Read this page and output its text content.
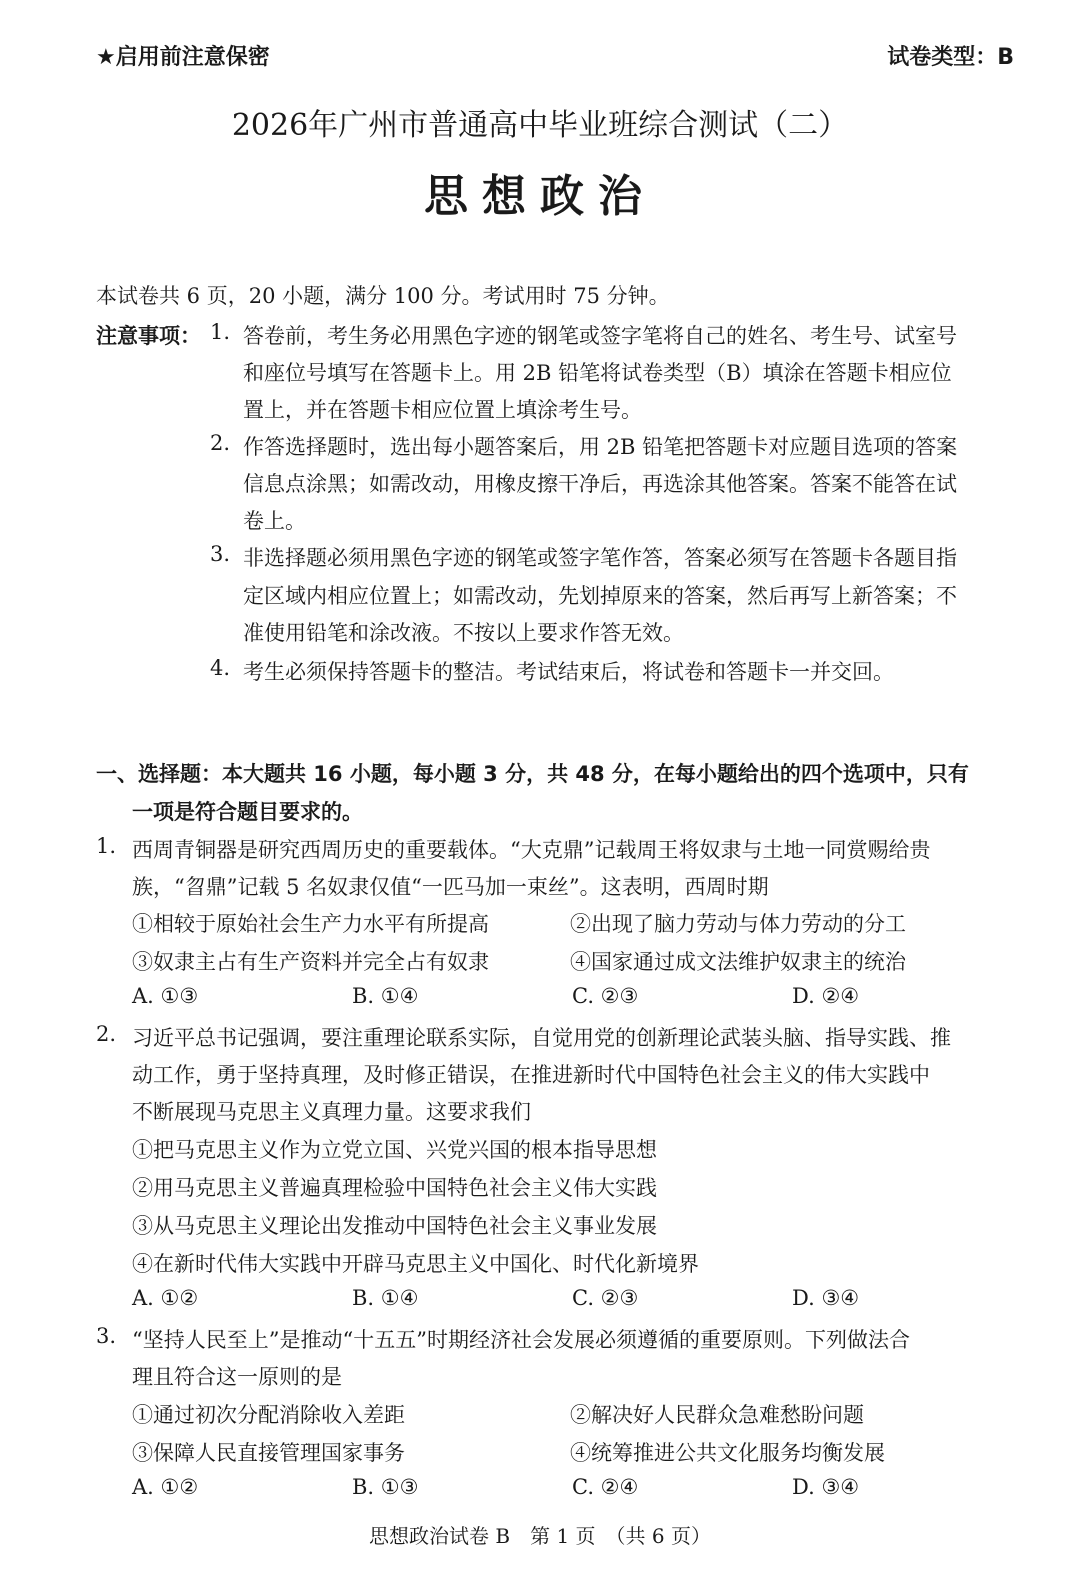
★启用前注意保密	试卷类型：B
2026年广州市普通高中毕业班综合测试（二）
思想政治
本试卷共 6 页，20 小题，满分 100 分。考试用时 75 分钟。
注意事项： 1. 答卷前，考生务必用黑色字迹的钢笔或签字笔将自己的姓名、考生号、试室号
和座位号填写在答题卡上。用 2B 铅笔将试卷类型（B）填涂在答题卡相应位
置上，并在答题卡相应位置上填涂考生号。
2. 作答选择题时，选出每小题答案后，用 2B 铅笔把答题卡对应题目选项的答案
信息点涂黑；如需改动，用橡皮擦干净后，再选涂其他答案。答案不能答在试
卷上。
3. 非选择题必须用黑色字迹的钢笔或签字笔作答，答案必须写在答题卡各题目指
定区域内相应位置上；如需改动，先划掉原来的答案，然后再写上新答案；不
准使用铅笔和涂改液。不按以上要求作答无效。
4. 考生必须保持答题卡的整洁。考试结束后，将试卷和答题卡一并交回。
一、选择题：本大题共 16 小题，每小题 3 分，共 48 分，在每小题给出的四个选项中，只有
一项是符合题目要求的。
1. 西周青铜器是研究西周历史的重要载体。“大克鼎”记载周王将奴隶与土地一同赏赐给贵
族，“曶鼎”记载 5 名奴隶仅值“一匹马加一束丝”。这表明，西周时期
①相较于原始社会生产力水平有所提高	②出现了脑力劳动与体力劳动的分工
③奴隶主占有生产资料并完全占有奴隶	④国家通过成文法维护奴隶主的统治
A. ①③	B. ①④	C. ②③	D. ②④
2. 习近平总书记强调，要注重理论联系实际，自觉用党的创新理论武装头脑、指导实践、推
动工作，勇于坚持真理，及时修正错误，在推进新时代中国特色社会主义的伟大实践中
不断展现马克思主义真理力量。这要求我们
①把马克思主义作为立党立国、兴党兴国的根本指导思想
②用马克思主义普遍真理检验中国特色社会主义伟大实践
③从马克思主义理论出发推动中国特色社会主义事业发展
④在新时代伟大实践中开辟马克思主义中国化、时代化新境界
A. ①②	B. ①④	C. ②③	D. ③④
3. “坚持人民至上”是推动“十五五”时期经济社会发展必须遵循的重要原则。下列做法合
理且符合这一原则的是
①通过初次分配消除收入差距	②解决好人民群众急难愁盼问题
③保障人民直接管理国家事务	④统筹推进公共文化服务均衡发展
A. ①②	B. ①③	C. ②④	D. ③④
思想政治试卷 B　第 1 页　（共 6 页）
